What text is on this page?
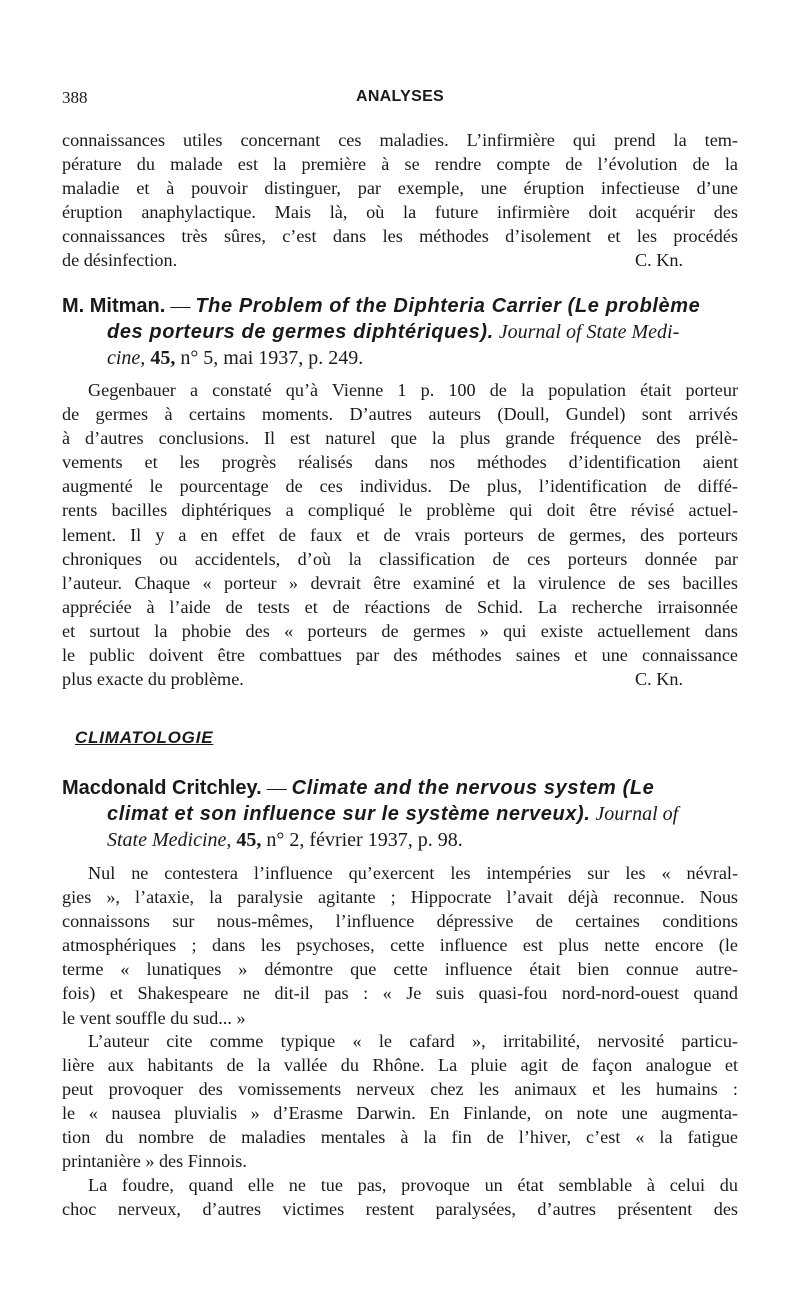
388	ANALYSES
connaissances utiles concernant ces maladies. L’infirmière qui prend la tem-
pérature du malade est la première à se rendre compte de l’évolution de la
maladie et à pouvoir distinguer, par exemple, une éruption infectieuse d’une
éruption anaphylactique. Mais là, où la future infirmière doit acquérir des
connaissances très sûres, c’est dans les méthodes d’isolement et les procédés
de désinfection.	C. Kn.
M. Mitman. — The Problem of the Diphteria Carrier (Le problème
des porteurs de germes diphtériques). Journal of State Medi-
cine, 45, n° 5, mai 1937, p. 249.
Gegenbauer a constaté qu’à Vienne 1 p. 100 de la population était porteur
de germes à certains moments. D’autres auteurs (Doull, Gundel) sont arrivés
à d’autres conclusions. Il est naturel que la plus grande fréquence des prélè-
vements et les progrès réalisés dans nos méthodes d’identification aient
augmenté le pourcentage de ces individus. De plus, l’identification de diffé-
rents bacilles diphtériques a compliqué le problème qui doit être révisé actuel-
lement. Il y a en effet de faux et de vrais porteurs de germes, des porteurs
chroniques ou accidentels, d’où la classification de ces porteurs donnée par
l’auteur. Chaque « porteur » devrait être examiné et la virulence de ses bacilles
appréciée à l’aide de tests et de réactions de Schid. La recherche irraisonnée
et surtout la phobie des « porteurs de germes » qui existe actuellement dans
le public doivent être combattues par des méthodes saines et une connaissance
plus exacte du problème.	C. Kn.
CLIMATOLOGIE
Macdonald Critchley. — Climate and the nervous system (Le
climat et son influence sur le système nerveux). Journal of
State Medicine, 45, n° 2, février 1937, p. 98.
Nul ne contestera l’influence qu’exercent les intempéries sur les « névral-
gies », l’ataxie, la paralysie agitante ; Hippocrate l’avait déjà reconnue. Nous
connaissons sur nous-mêmes, l’influence dépressive de certaines conditions
atmosphériques ; dans les psychoses, cette influence est plus nette encore (le
terme « lunatiques » démontre que cette influence était bien connue autre-
fois) et Shakespeare ne dit-il pas : « Je suis quasi-fou nord-nord-ouest quand
le vent souffle du sud... »
L’auteur cite comme typique « le cafard », irritabilité, nervosité particu-
lière aux habitants de la vallée du Rhône. La pluie agit de façon analogue et
peut provoquer des vomissements nerveux chez les animaux et les humains :
le « nausea pluvialis » d’Erasme Darwin. En Finlande, on note une augmenta-
tion du nombre de maladies mentales à la fin de l’hiver, c’est « la fatigue
printanière » des Finnois.
La foudre, quand elle ne tue pas, provoque un état semblable à celui du
choc nerveux, d’autres victimes restent paralysées, d’autres présentent des
